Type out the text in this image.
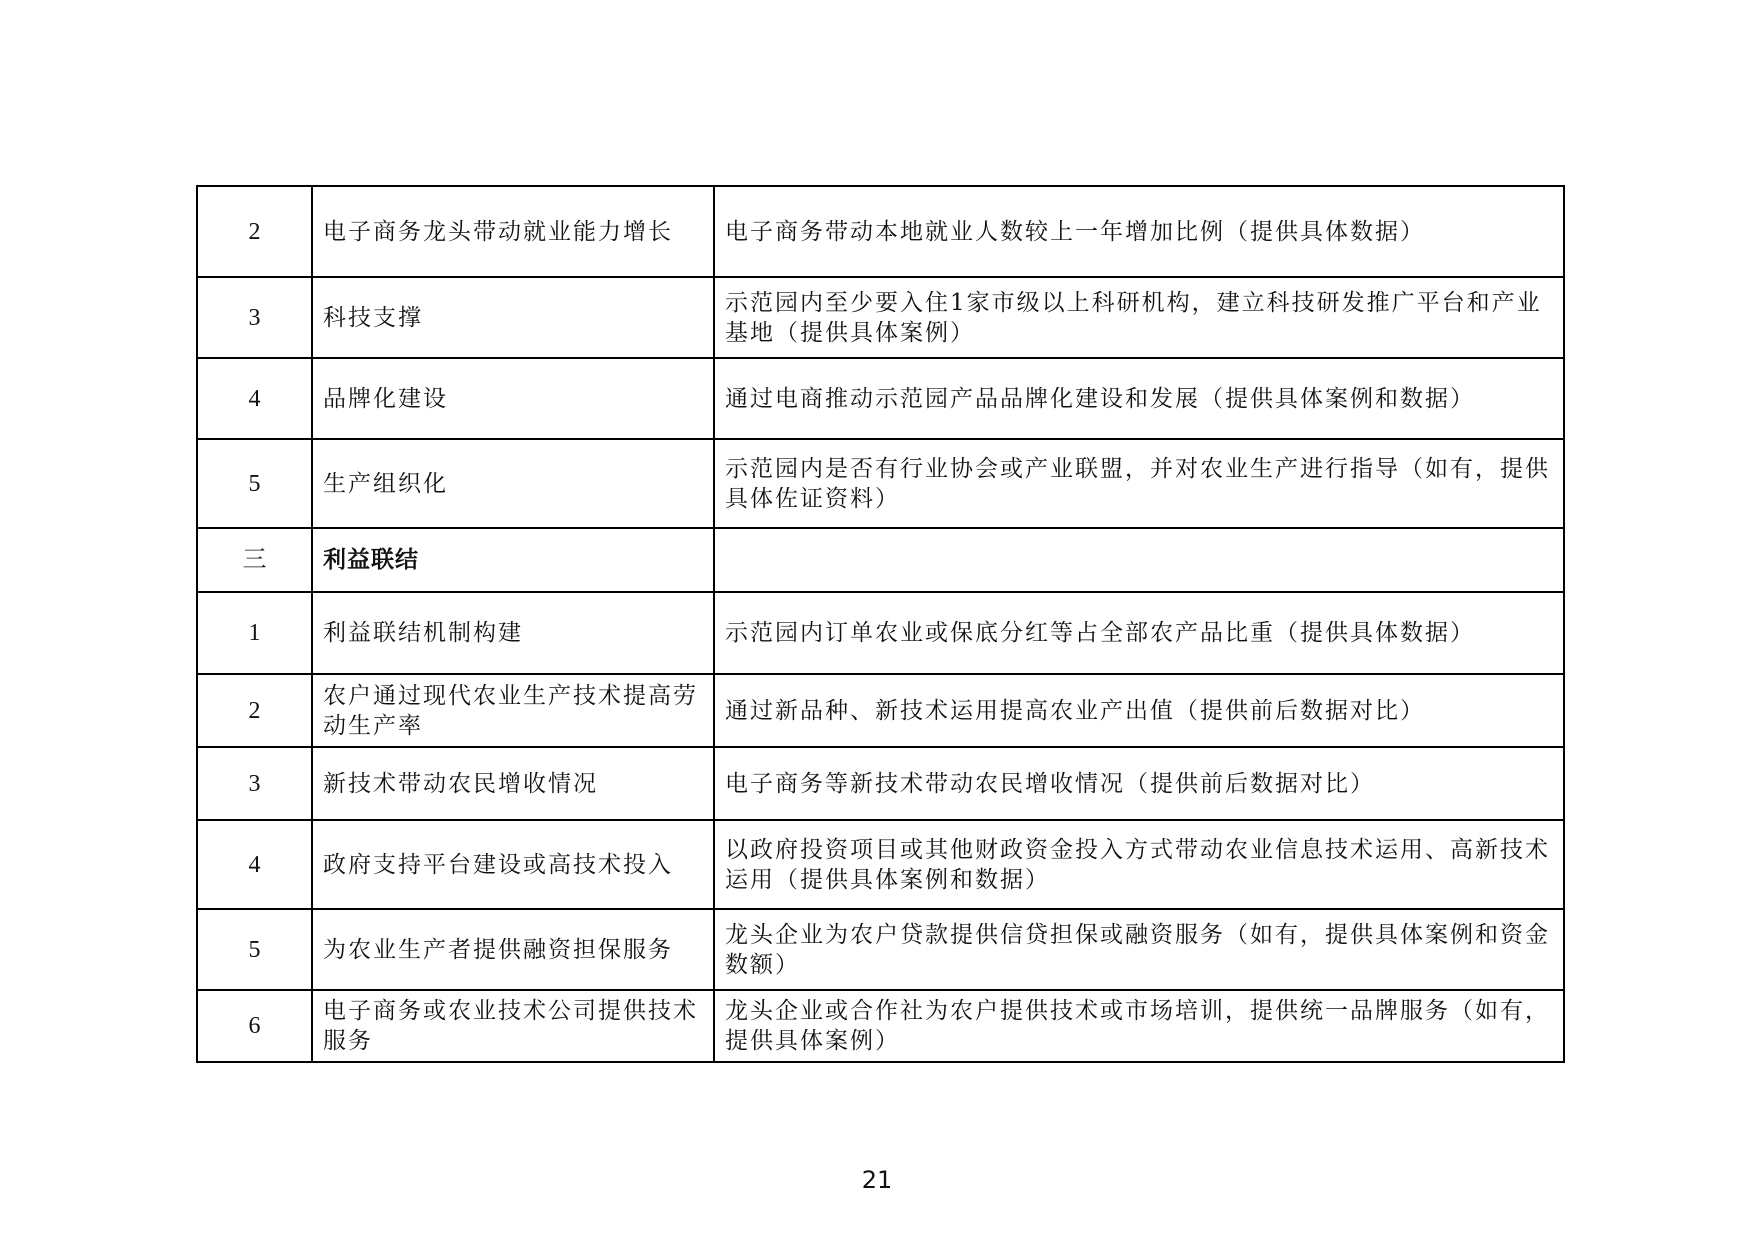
2	电子商务龙头带动就业能力增长	电子商务带动本地就业人数较上一年增加比例（提供具体数据）
3	科技支撑	示范园内至少要入住1家市级以上科研机构，建立科技研发推广平台和产业基地（提供具体案例）
4	品牌化建设	通过电商推动示范园产品品牌化建设和发展（提供具体案例和数据）
5	生产组织化	示范园内是否有行业协会或产业联盟，并对农业生产进行指导（如有，提供具体佐证资料）
三	利益联结	
1	利益联结机制构建	示范园内订单农业或保底分红等占全部农产品比重（提供具体数据）
2	农户通过现代农业生产技术提高劳动生产率	通过新品种、新技术运用提高农业产出值（提供前后数据对比）
3	新技术带动农民增收情况	电子商务等新技术带动农民增收情况（提供前后数据对比）
4	政府支持平台建设或高技术投入	以政府投资项目或其他财政资金投入方式带动农业信息技术运用、高新技术运用（提供具体案例和数据）
5	为农业生产者提供融资担保服务	龙头企业为农户贷款提供信贷担保或融资服务（如有，提供具体案例和资金数额）
6	电子商务或农业技术公司提供技术服务	龙头企业或合作社为农户提供技术或市场培训，提供统一品牌服务（如有，提供具体案例）
21
